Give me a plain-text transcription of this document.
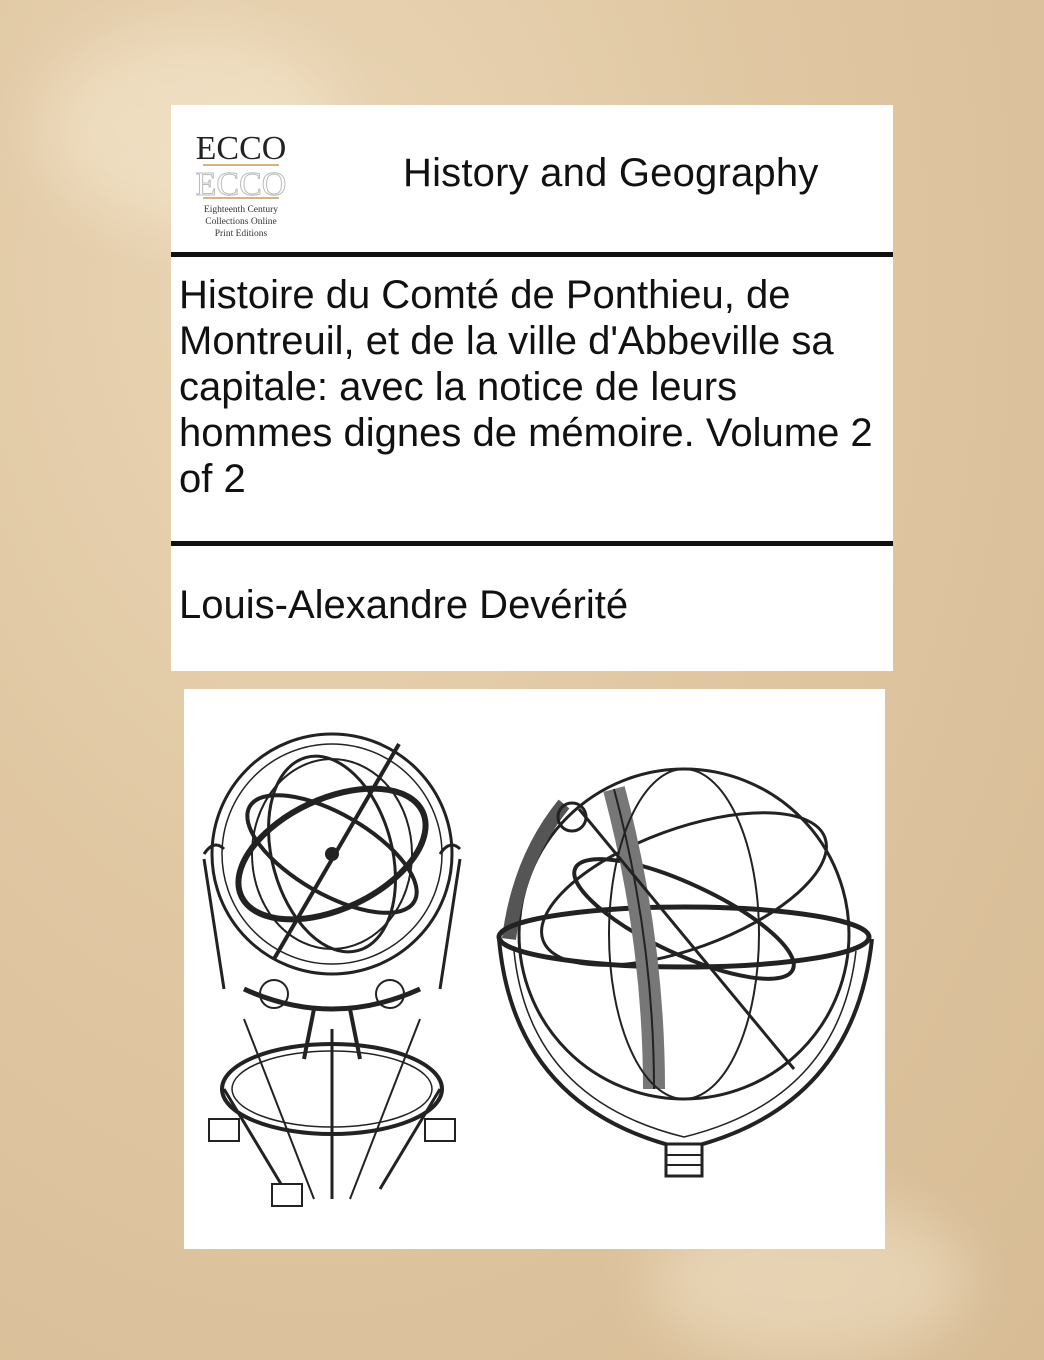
ECCO
ECCO
Eighteenth Century
Collections Online
Print Editions
History and Geography
Histoire du Comté de Ponthieu, de Montreuil, et de la ville d'Abbeville sa capitale: avec la notice de leurs hommes dignes de mémoire. Volume 2 of 2
Louis-Alexandre Devérité
